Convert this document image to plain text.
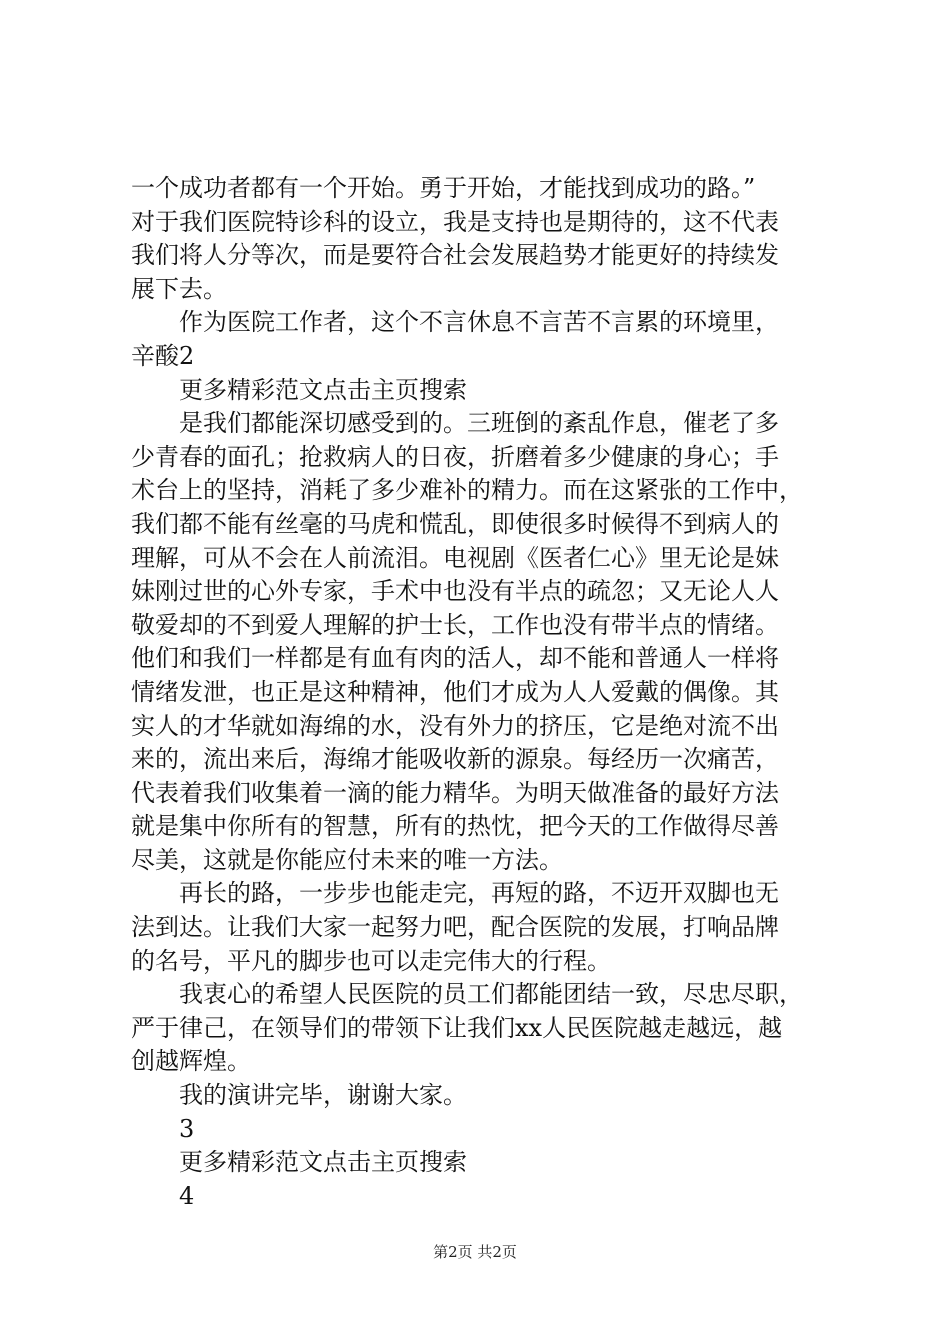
一个成功者都有一个开始。勇于开始，才能找到成功的路。”
对于我们医院特诊科的设立，我是支持也是期待的，这不代表
我们将人分等次，而是要符合社会发展趋势才能更好的持续发
展下去。
作为医院工作者，这个不言休息不言苦不言累的环境里，
辛酸2
更多精彩范文点击主页搜索
是我们都能深切感受到的。三班倒的紊乱作息，催老了多
少青春的面孔；抢救病人的日夜，折磨着多少健康的身心；手
术台上的坚持，消耗了多少难补的精力。而在这紧张的工作中，
我们都不能有丝毫的马虎和慌乱，即使很多时候得不到病人的
理解，可从不会在人前流泪。电视剧《医者仁心》里无论是妹
妹刚过世的心外专家，手术中也没有半点的疏忽；又无论人人
敬爱却的不到爱人理解的护士长，工作也没有带半点的情绪。
他们和我们一样都是有血有肉的活人，却不能和普通人一样将
情绪发泄，也正是这种精神，他们才成为人人爱戴的偶像。其
实人的才华就如海绵的水，没有外力的挤压，它是绝对流不出
来的，流出来后，海绵才能吸收新的源泉。每经历一次痛苦，
代表着我们收集着一滴的能力精华。为明天做准备的最好方法
就是集中你所有的智慧，所有的热忱，把今天的工作做得尽善
尽美，这就是你能应付未来的唯一方法。
再长的路，一步步也能走完，再短的路，不迈开双脚也无
法到达。让我们大家一起努力吧，配合医院的发展，打响品牌
的名号，平凡的脚步也可以走完伟大的行程。
我衷心的希望人民医院的员工们都能团结一致，尽忠尽职，
严于律己，在领导们的带领下让我们xx人民医院越走越远，越
创越辉煌。
我的演讲完毕，谢谢大家。
3
更多精彩范文点击主页搜索
4
第2页 共2页
